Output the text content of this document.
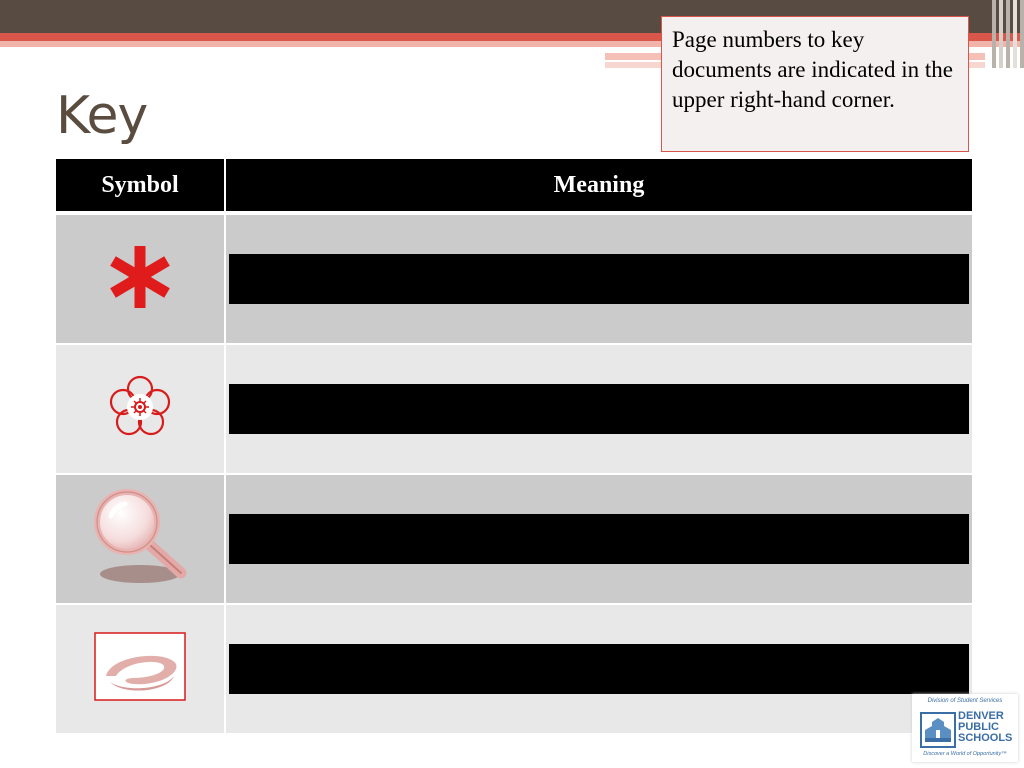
Key
Page numbers to key documents are indicated in the upper right-hand corner.
Symbol	Meaning

Division of Student Services
DENVER
PUBLIC
SCHOOLS
Discover a World of Opportunity™
